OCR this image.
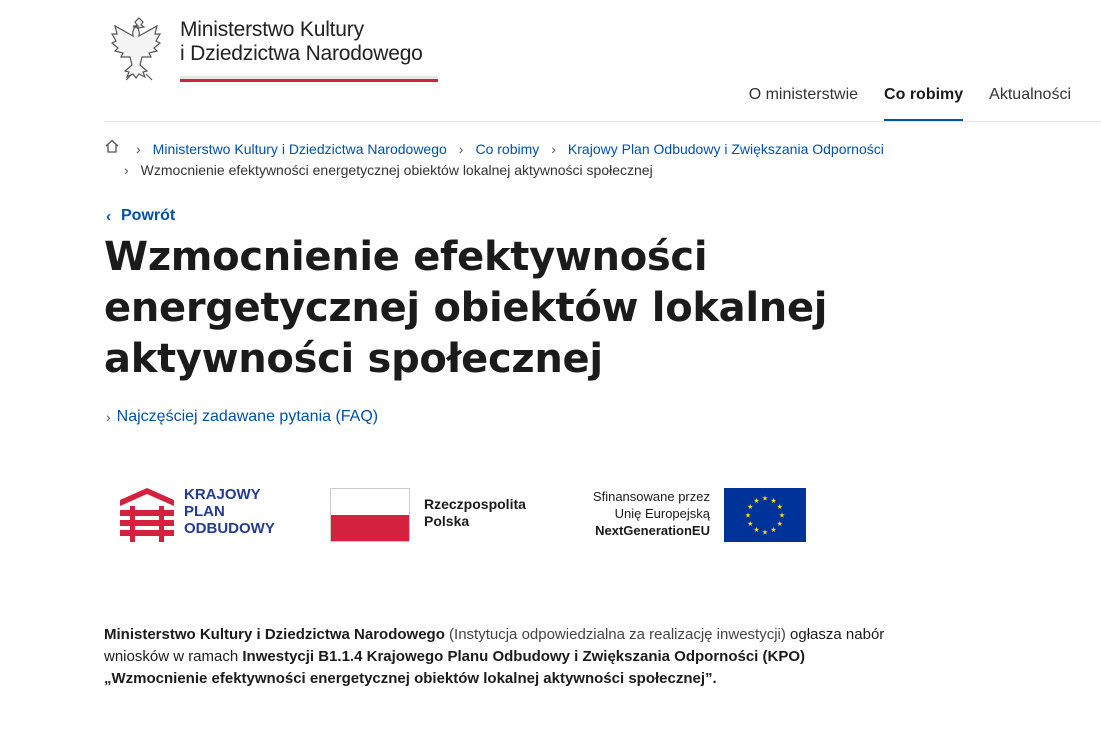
Ministerstwo Kultury
i Dziedzictwa Narodowego
O ministerstwie	Co robimy	Aktualności
› Ministerstwo Kultury i Dziedzictwa Narodowego › Co robimy › Krajowy Plan Odbudowy i Zwiększania Odporności
› Wzmocnienie efektywności energetycznej obiektów lokalnej aktywności społecznej
‹ Powrót
Wzmocnienie efektywności energetycznej obiektów lokalnej aktywności społecznej
› Najczęściej zadawane pytania (FAQ)
KRAJOWY
PLAN
ODBUDOWY
Rzeczpospolita
Polska
Sfinansowane przez
Unię Europejską
NextGenerationEU
★ ★
★
★
★
★
★
★
★
★
★
★

Ministerstwo Kultury i Dziedzictwa Narodowego (Instytucja odpowiedzialna za realizację inwestycji) ogłasza nabór wniosków w ramach Inwestycji B1.1.4 Krajowego Planu Odbudowy i Zwiększania Odporności (KPO) „Wzmocnienie efektywności energetycznej obiektów lokalnej aktywności społecznej”.
